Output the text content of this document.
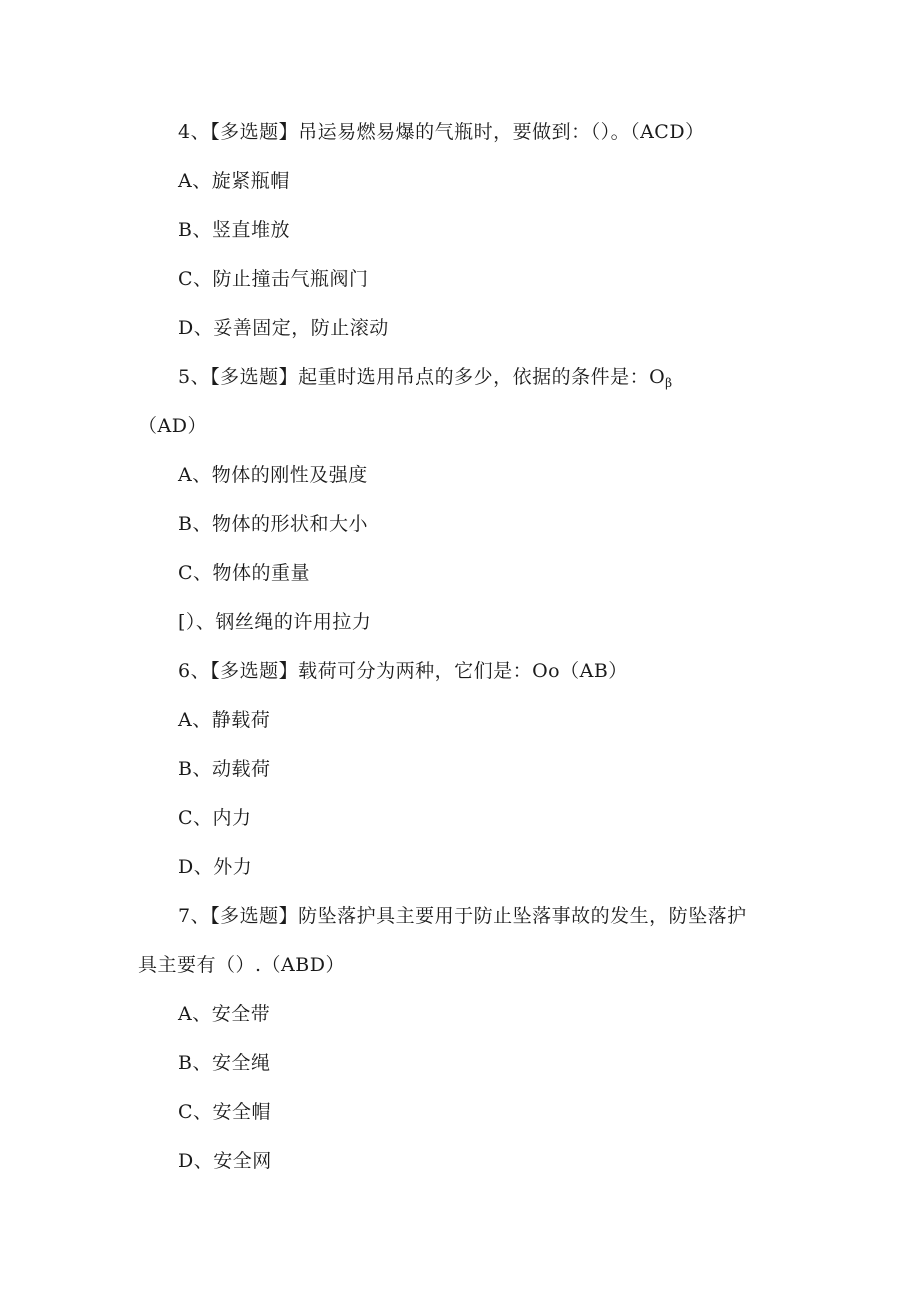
4、【多选题】吊运易燃易爆的气瓶时，要做到：（）。（ACD）
A、旋紧瓶帽
B、竖直堆放
C、防止撞击气瓶阀门
D、妥善固定，防止滚动
5、【多选题】起重时选用吊点的多少，依据的条件是：$O_\beta$
（AD）
A、物体的刚性及强度
B、物体的形状和大小
C、物体的重量
[）、钢丝绳的许用拉力
6、【多选题】载荷可分为两种，它们是：Oo（AB）
A、静载荷
B、动载荷
C、内力
D、外力
7、【多选题】防坠落护具主要用于防止坠落事故的发生，防坠落护
具主要有（）.（ABD）
A、安全带
B、安全绳
C、安全帽
D、安全网
